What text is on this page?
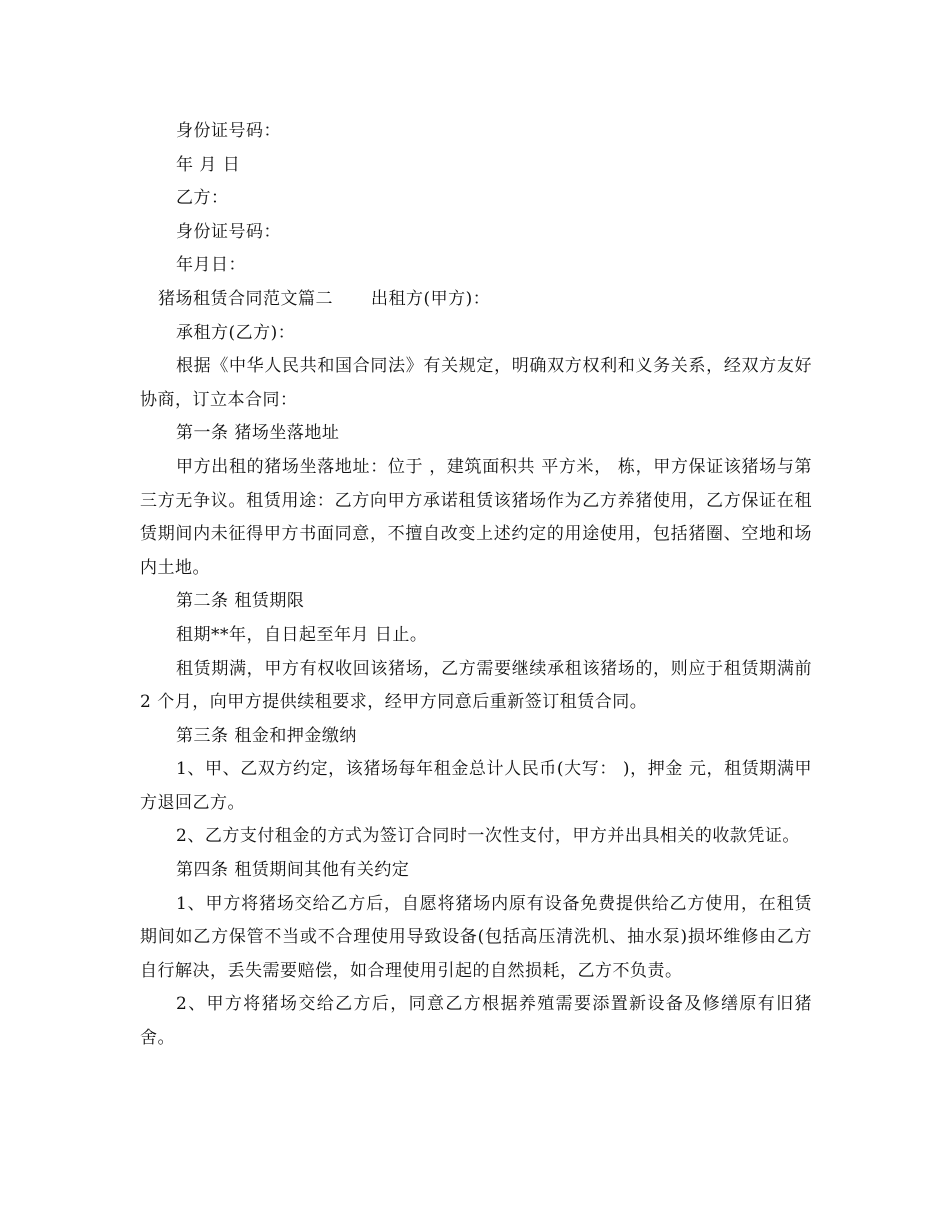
身份证号码：
年 月 日
乙方：
身份证号码：
年月日：
猪场租赁合同范文篇二 出租方(甲方)：
承租方(乙方)：

根据《中华人民共和国合同法》有关规定，明确双方权利和义务关系，经双方友好协商，订立本合同：

第一条 猪场坐落地址

甲方出租的猪场坐落地址：位于 ，建筑面积共 平方米， 栋，甲方保证该猪场与第三方无争议。租赁用途：乙方向甲方承诺租赁该猪场作为乙方养猪使用，乙方保证在租赁期间内未征得甲方书面同意，不擅自改变上述约定的用途使用，包括猪圈、空地和场内土地。

第二条 租赁期限
租期**年，自日起至年月 日止。

租赁期满，甲方有权收回该猪场，乙方需要继续承租该猪场的，则应于租赁期满前 2 个月，向甲方提供续租要求，经甲方同意后重新签订租赁合同。

第三条 租金和押金缴纳

1、甲、乙双方约定，该猪场每年租金总计人民币(大写： )，押金 元，租赁期满甲方退回乙方。

2、乙方支付租金的方式为签订合同时一次性支付，甲方并出具相关的收款凭证。

第四条 租赁期间其他有关约定

1、甲方将猪场交给乙方后，自愿将猪场内原有设备免费提供给乙方使用，在租赁期间如乙方保管不当或不合理使用导致设备(包括高压清洗机、抽水泵)损坏维修由乙方自行解决，丢失需要赔偿，如合理使用引起的自然损耗，乙方不负责。

2、甲方将猪场交给乙方后，同意乙方根据养殖需要添置新设备及修缮原有旧猪舍。
